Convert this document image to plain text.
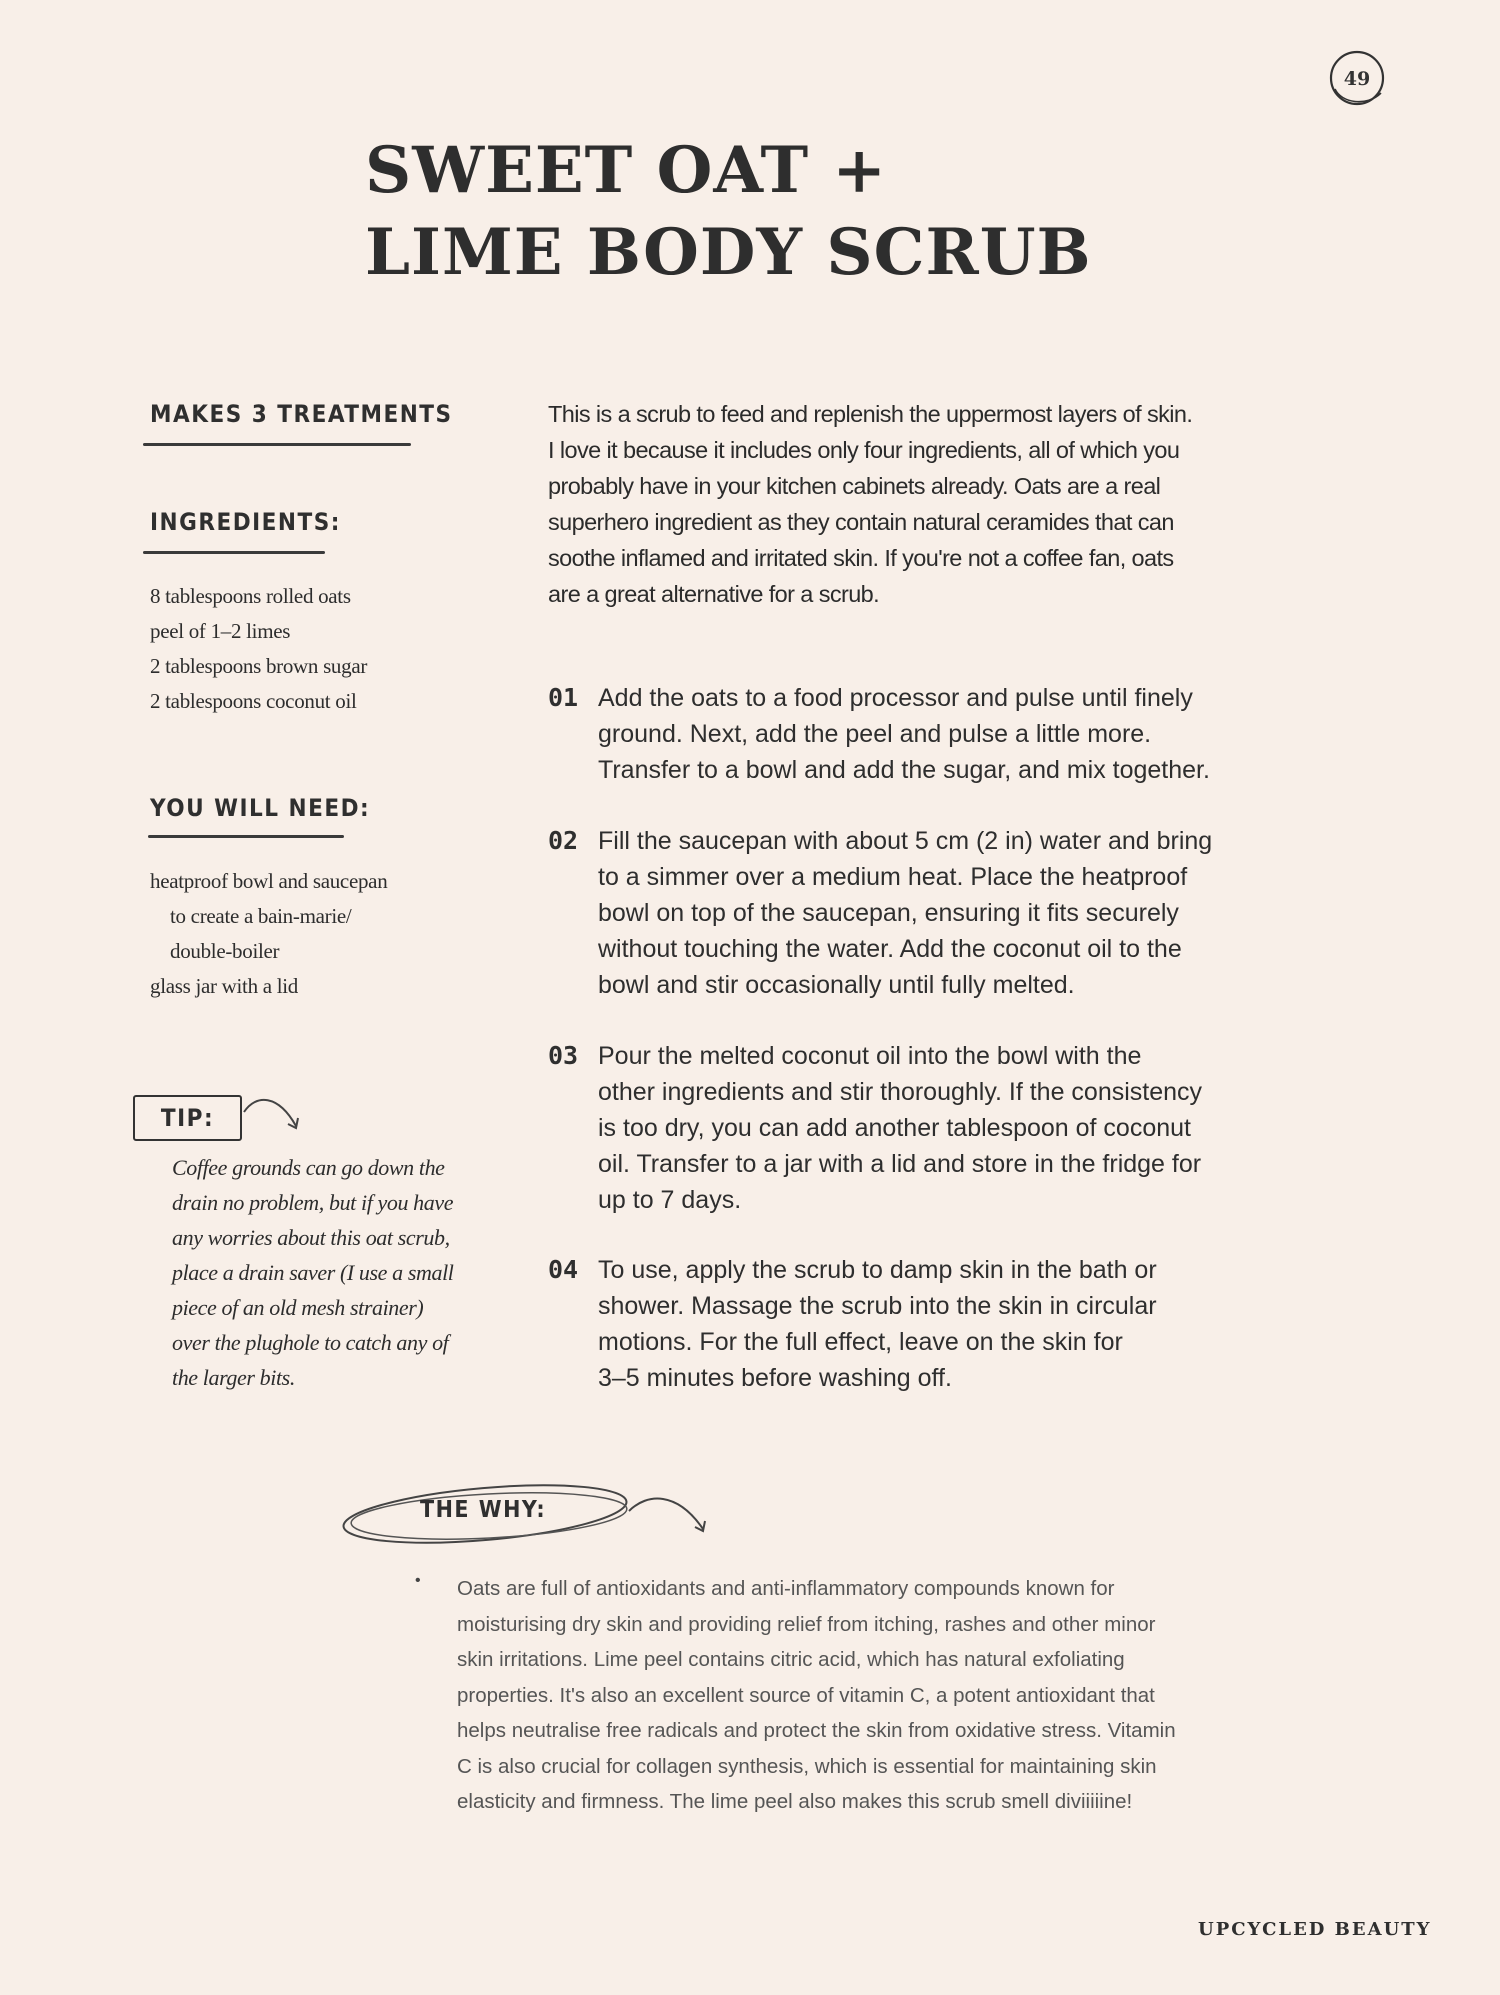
49
SWEET OAT +
LIME BODY SCRUB
MAKES 3 TREATMENTS
INGREDIENTS:
8 tablespoons rolled oats
peel of 1–2 limes
2 tablespoons brown sugar
2 tablespoons coconut oil
YOU WILL NEED:
heatproof bowl and saucepan
to create a bain-marie/
double-boiler
glass jar with a lid
TIP:
Coffee grounds can go down the
drain no problem, but if you have
any worries about this oat scrub,
place a drain saver (I use a small
piece of an old mesh strainer)
over the plughole to catch any of
the larger bits.
This is a scrub to feed and replenish the uppermost layers of skin.
I love it because it includes only four ingredients, all of which you
probably have in your kitchen cabinets already. Oats are a real
superhero ingredient as they contain natural ceramides that can
soothe inflamed and irritated skin. If you're not a coffee fan, oats
are a great alternative for a scrub.
01 Add the oats to a food processor and pulse until finely
ground. Next, add the peel and pulse a little more.
Transfer to a bowl and add the sugar, and mix together.
02 Fill the saucepan with about 5 cm (2 in) water and bring
to a simmer over a medium heat. Place the heatproof
bowl on top of the saucepan, ensuring it fits securely
without touching the water. Add the coconut oil to the
bowl and stir occasionally until fully melted.
03 Pour the melted coconut oil into the bowl with the
other ingredients and stir thoroughly. If the consistency
is too dry, you can add another tablespoon of coconut
oil. Transfer to a jar with a lid and store in the fridge for
up to 7 days.
04 To use, apply the scrub to damp skin in the bath or
shower. Massage the scrub into the skin in circular
motions. For the full effect, leave on the skin for
3–5 minutes before washing off.
THE WHY:
• Oats are full of antioxidants and anti-inflammatory compounds known for
moisturising dry skin and providing relief from itching, rashes and other minor
skin irritations. Lime peel contains citric acid, which has natural exfoliating
properties. It's also an excellent source of vitamin C, a potent antioxidant that
helps neutralise free radicals and protect the skin from oxidative stress. Vitamin
C is also crucial for collagen synthesis, which is essential for maintaining skin
elasticity and firmness. The lime peel also makes this scrub smell diviiiiine!
UPCYCLED BEAUTY
